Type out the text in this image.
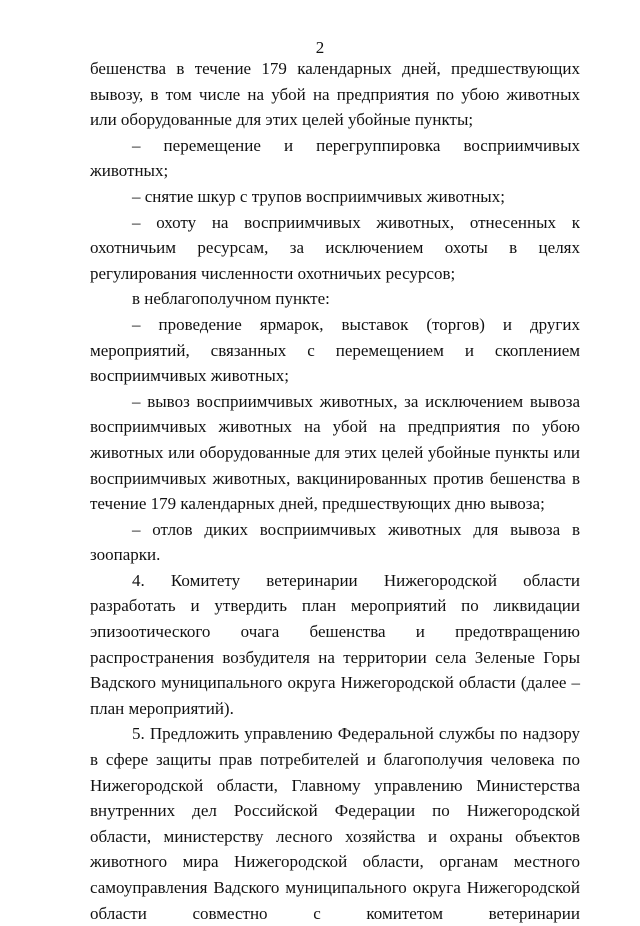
2

бешенства в течение 179 календарных дней, предшествующих вывозу, в том числе на убой на предприятия по убою животных или оборудованные для этих целей убойные пункты;

– перемещение и перегруппировка восприимчивых животных;

– снятие шкур с трупов восприимчивых животных;

– охоту на восприимчивых животных, отнесенных к охотничьим ресурсам, за исключением охоты в целях регулирования численности охотничьих ресурсов;

в неблагополучном пункте:

– проведение ярмарок, выставок (торгов) и других мероприятий, связанных с перемещением и скоплением восприимчивых животных;

– вывоз восприимчивых животных, за исключением вывоза восприимчивых животных на убой на предприятия по убою животных или оборудованные для этих целей убойные пункты или восприимчивых животных, вакцинированных против бешенства в течение 179 календарных дней, предшествующих дню вывоза;

– отлов диких восприимчивых животных для вывоза в зоопарки.

4. Комитету ветеринарии Нижегородской области разработать и утвердить план мероприятий по ликвидации эпизоотического очага бешенства и предотвращению распространения возбудителя на территории села Зеленые Горы Вадского муниципального округа Нижегородской области (далее – план мероприятий).

5. Предложить управлению Федеральной службы по надзору в сфере защиты прав потребителей и благополучия человека по Нижегородской области, Главному управлению Министерства внутренних дел Российской Федерации по Нижегородской области, министерству лесного хозяйства и охраны объектов животного мира Нижегородской области, органам местного самоуправления Вадского муниципального округа Нижегородской области совместно с комитетом ветеринарии
